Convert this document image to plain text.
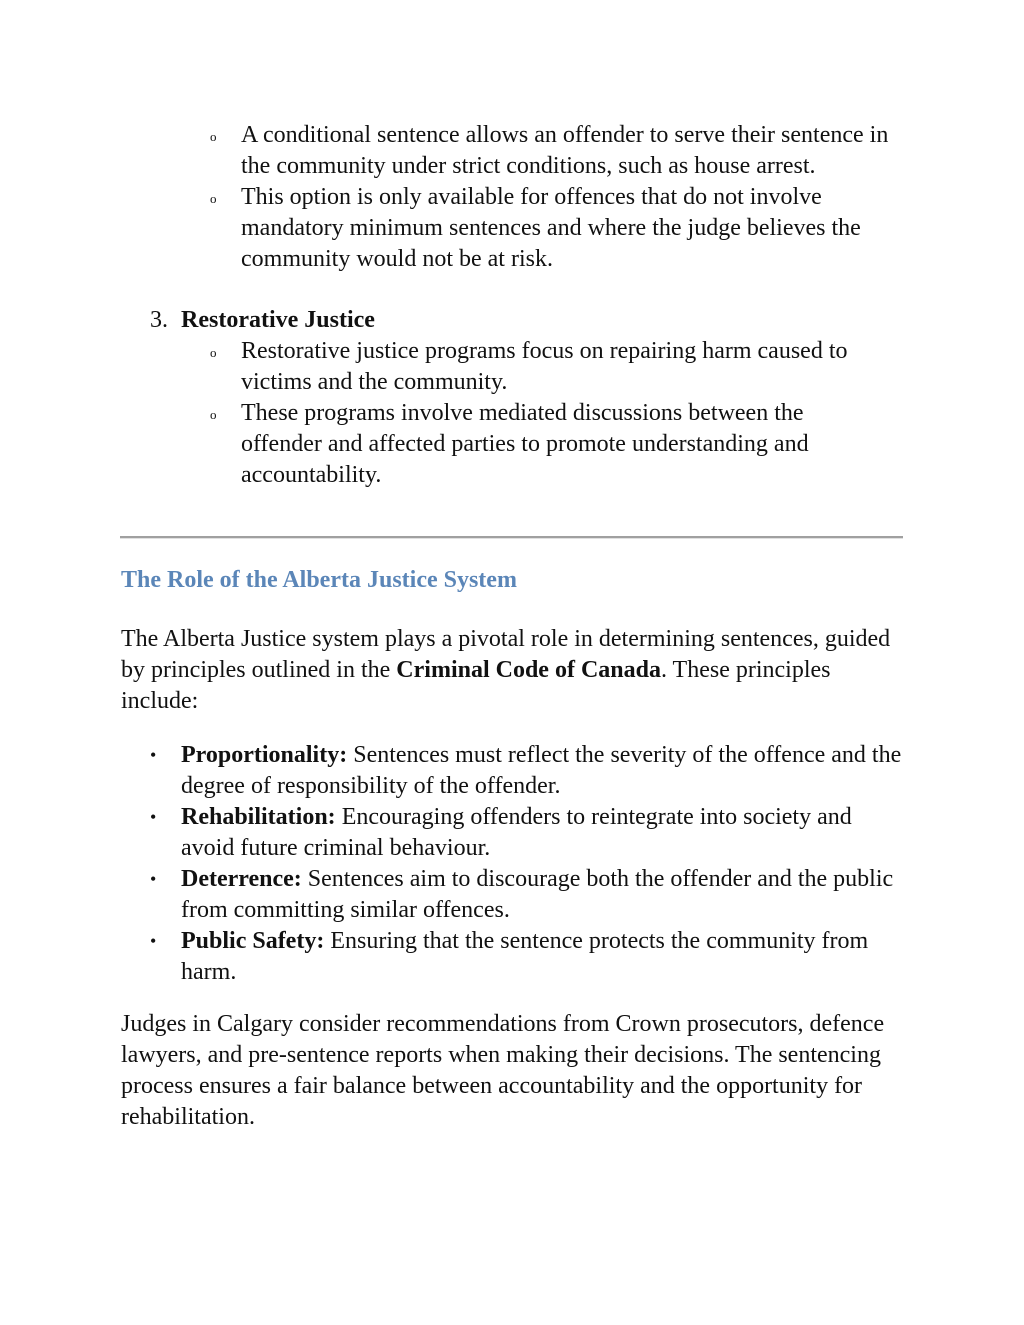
o A conditional sentence allows an offender to serve their sentence in the community under strict conditions, such as house arrest.
o This option is only available for offences that do not involve mandatory minimum sentences and where the judge believes the community would not be at risk.
3. Restorative Justice
o Restorative justice programs focus on repairing harm caused to victims and the community.
o These programs involve mediated discussions between the offender and affected parties to promote understanding and accountability.
The Role of the Alberta Justice System

The Alberta Justice system plays a pivotal role in determining sentences, guided by principles outlined in the Criminal Code of Canada. These principles include:

• Proportionality: Sentences must reflect the severity of the offence and the degree of responsibility of the offender.
• Rehabilitation: Encouraging offenders to reintegrate into society and avoid future criminal behaviour.
• Deterrence: Sentences aim to discourage both the offender and the public from committing similar offences.
• Public Safety: Ensuring that the sentence protects the community from harm.

Judges in Calgary consider recommendations from Crown prosecutors, defence lawyers, and pre-sentence reports when making their decisions. The sentencing process ensures a fair balance between accountability and the opportunity for rehabilitation.
